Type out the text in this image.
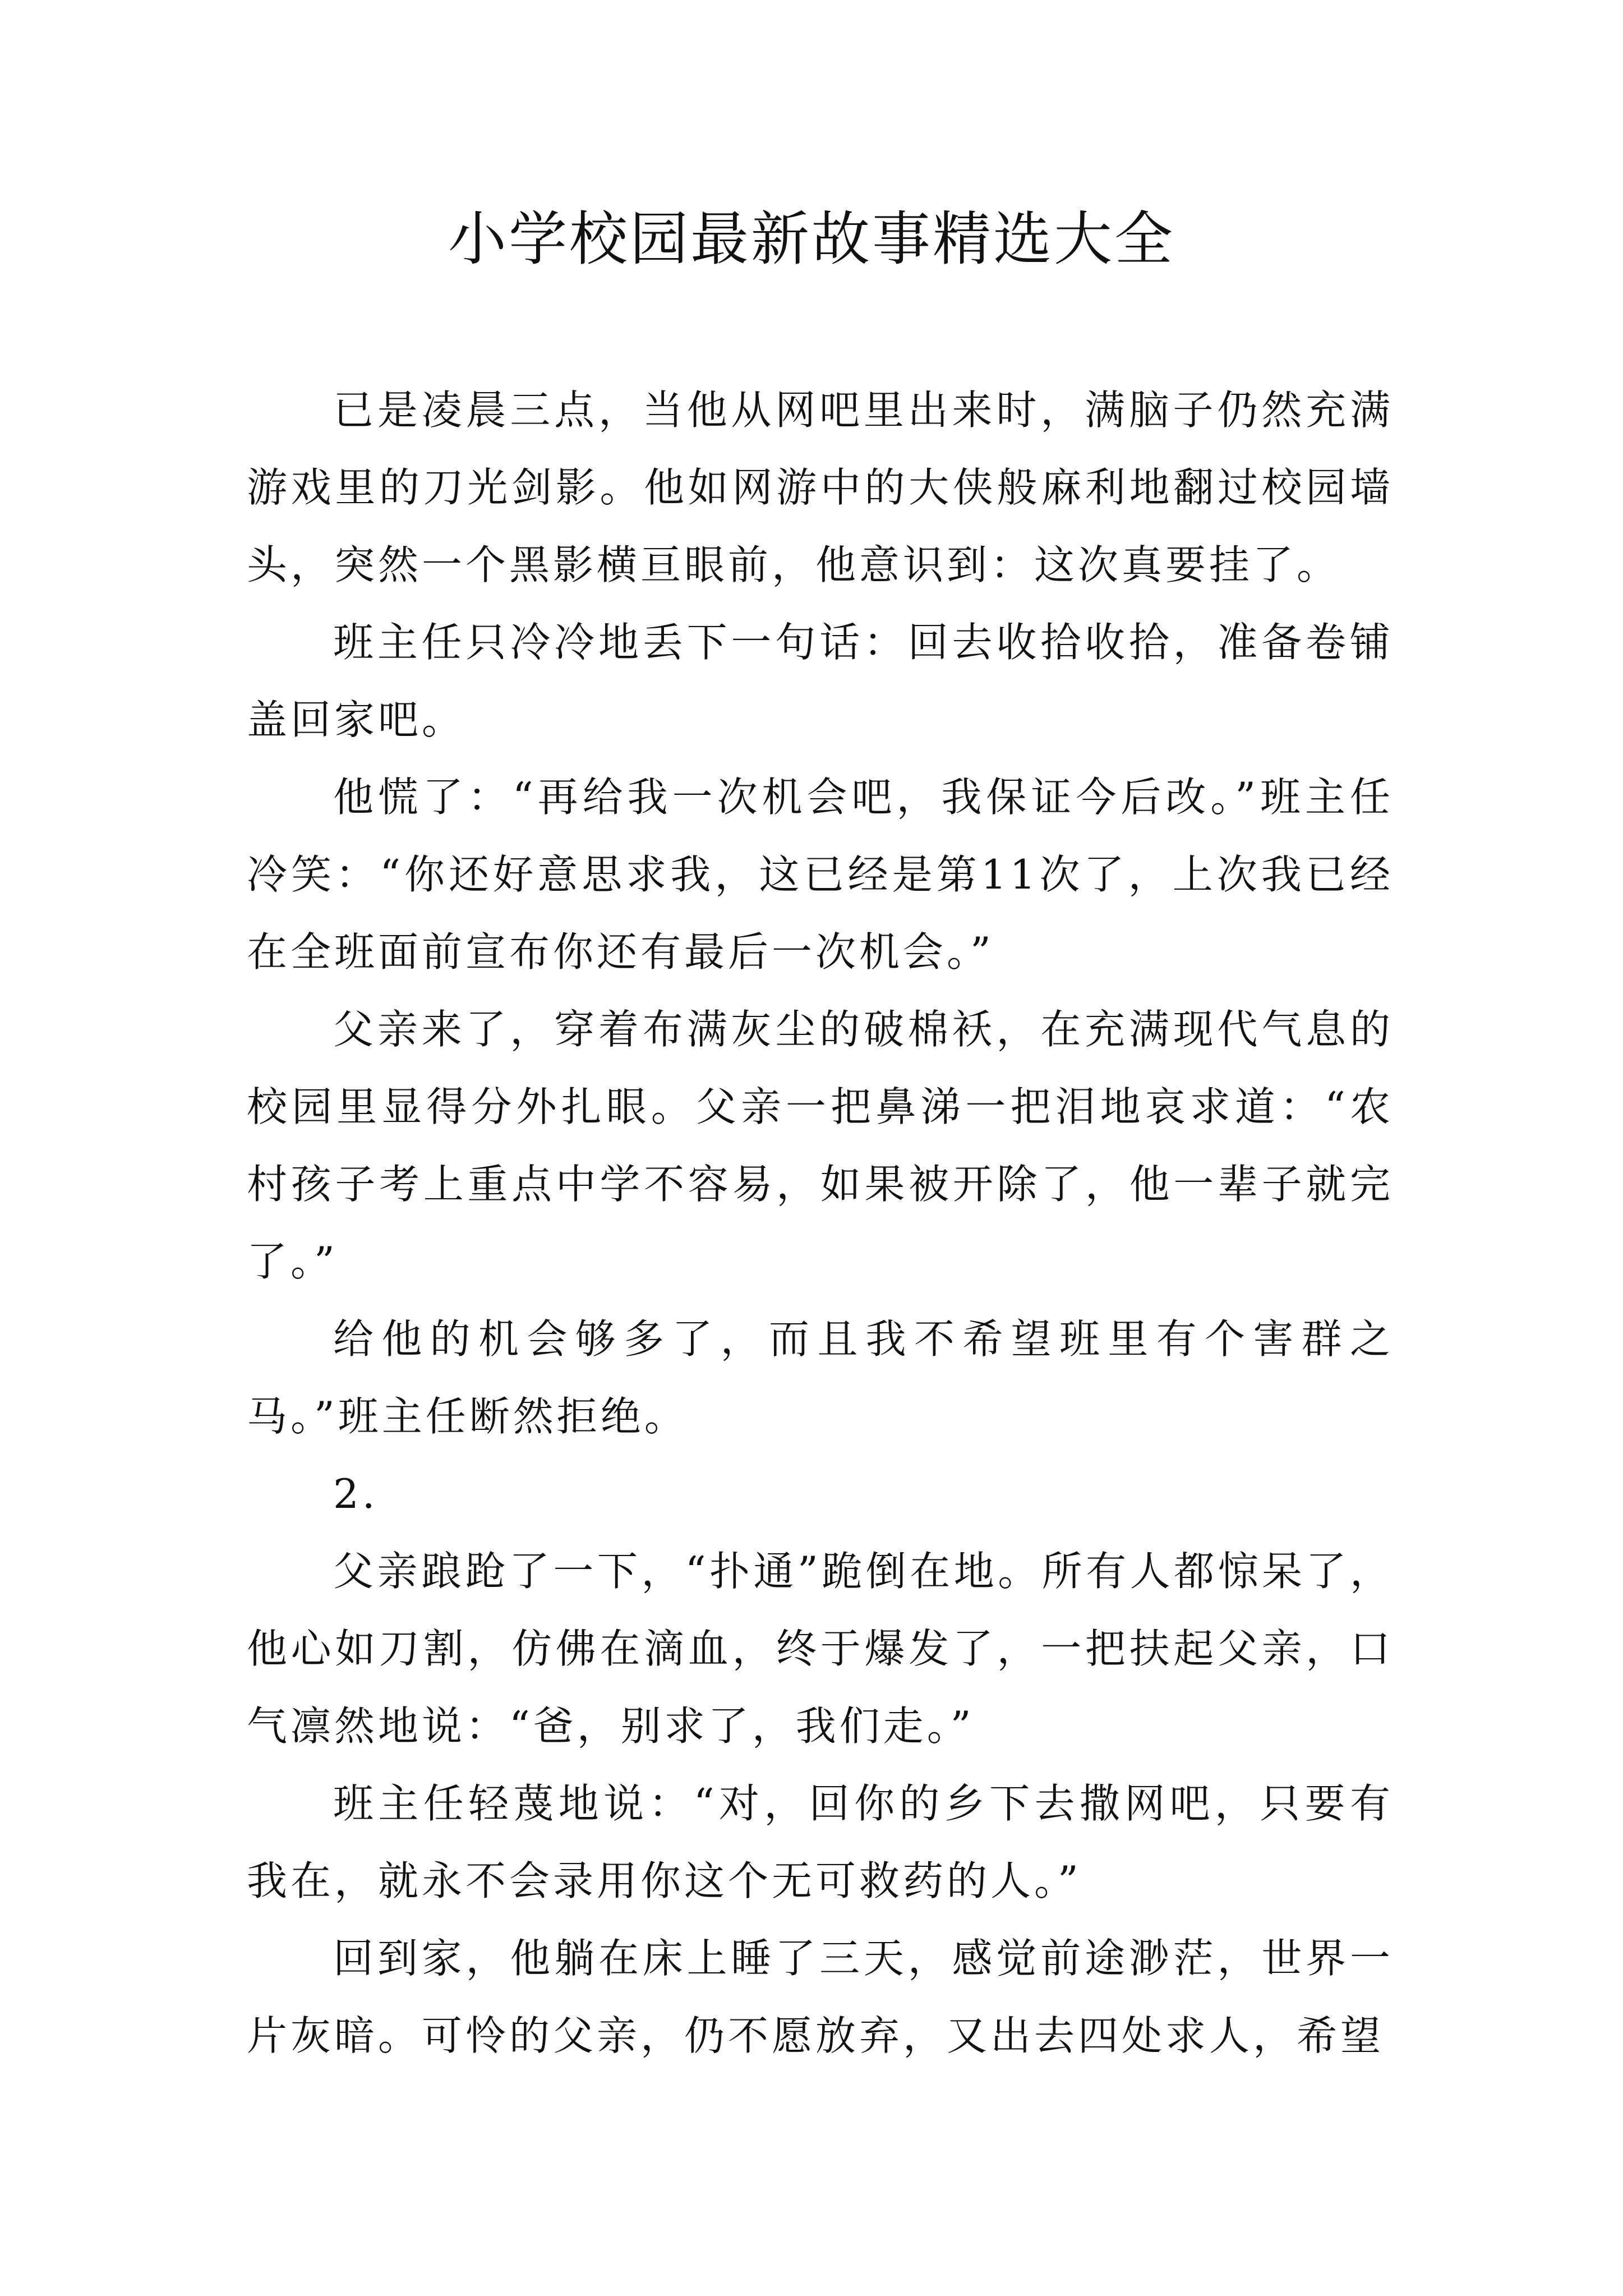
小学校园最新故事精选大全

已是凌晨三点，当他从网吧里出来时，满脑子仍然充满游戏里的刀光剑影。他如网游中的大侠般麻利地翻过校园墙头，突然一个黑影横亘眼前，他意识到：这次真要挂了。

班主任只冷冷地丢下一句话：回去收拾收拾，准备卷铺盖回家吧。

他慌了：“再给我一次机会吧，我保证今后改。”班主任冷笑：“你还好意思求我，这已经是第11次了，上次我已经在全班面前宣布你还有最后一次机会。”

父亲来了，穿着布满灰尘的破棉袄，在充满现代气息的校园里显得分外扎眼。父亲一把鼻涕一把泪地哀求道：“农村孩子考上重点中学不容易，如果被开除了，他一辈子就完了。”

给他的机会够多了，而且我不希望班里有个害群之马。”班主任断然拒绝。

2.

父亲踉跄了一下，“扑通”跪倒在地。所有人都惊呆了，他心如刀割，仿佛在滴血，终于爆发了，一把扶起父亲，口气凛然地说：“爸，别求了，我们走。”

班主任轻蔑地说：“对，回你的乡下去撒网吧，只要有我在，就永不会录用你这个无可救药的人。”

回到家，他躺在床上睡了三天，感觉前途渺茫，世界一片灰暗。可怜的父亲，仍不愿放弃，又出去四处求人，希望
